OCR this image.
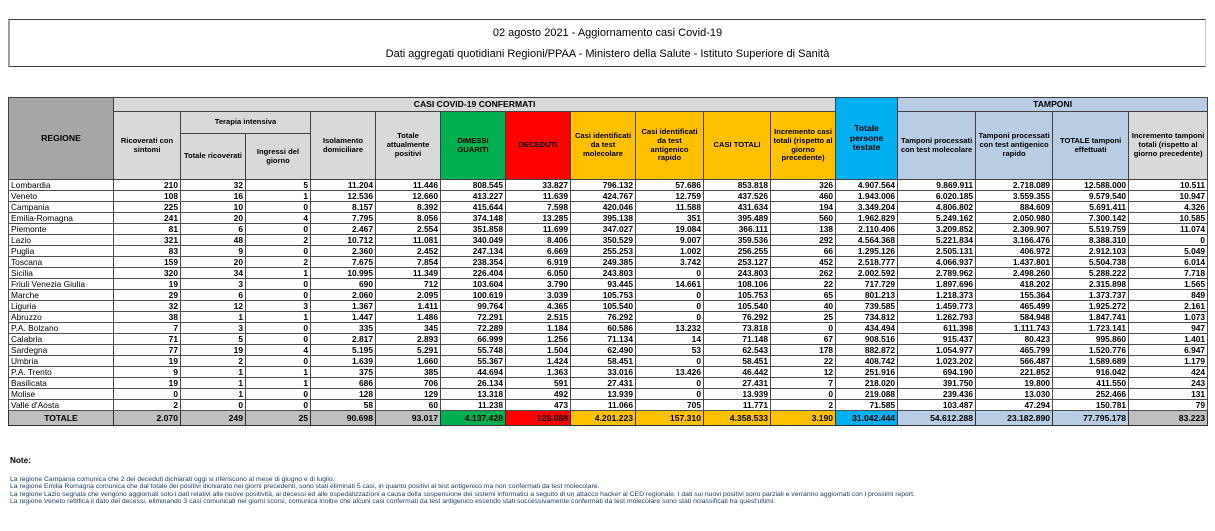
02 agosto 2021 - Aggiornamento casi Covid-19
Dati aggregati quotidiani Regioni/PPAA - Ministero della Salute - Istituto Superiore di Sanità
REGIONE	CASI COVID-19 CONFERMATI											Totale persone testate	TAMPONI			
	Ricoverati con sintomi	Terapia intensiva		Isolamento domiciliare	Totale attualmente positivi	DIMESSI GUARITI	DECEDUTI	Casi identificati da test molecolare	Casi identificati da test antigenico rapido	CASI TOTALI	Incremento casi totali (rispetto al giorno precedente)		Tamponi processati con test molecolare	Tamponi processati con test antigenico rapido	TOTALE tamponi effettuati	Incremento tamponi totali (rispetto al giorno precedente)
		Totale ricoverati	Ingressi del giorno													
Lombardia	210	32	5	11.204	11.446	808.545	33.827	796.132	57.686	853.818	326	4.907.564	9.869.911	2.718.089	12.588.000	10.511
Veneto	108	16	1	12.536	12.660	413.227	11.639	424.767	12.759	437.526	460	1.943.006	6.020.185	3.559.355	9.579.540	10.947
Campania	225	10	0	8.157	8.392	415.644	7.598	420.046	11.588	431.634	194	3.349.204	4.806.802	884.609	5.691.411	4.326
Emilia-Romagna	241	20	4	7.795	8.056	374.148	13.285	395.138	351	395.489	560	1.962.829	5.249.162	2.050.980	7.300.142	10.585
Piemonte	81	6	0	2.467	2.554	351.858	11.699	347.027	19.084	366.111	138	2.110.406	3.209.852	2.309.907	5.519.759	11.074
Lazio	321	48	2	10.712	11.081	340.049	8.406	350.529	9.007	359.536	292	4.564.368	5.221.834	3.166.476	8.388.310	0
Puglia	83	9	0	2.360	2.452	247.134	6.669	255.253	1.002	256.255	66	1.295.126	2.505.131	406.972	2.912.103	5.049
Toscana	159	20	2	7.675	7.854	238.354	6.919	249.385	3.742	253.127	452	2.518.777	4.066.937	1.437.801	5.504.738	6.014
Sicilia	320	34	1	10.995	11.349	226.404	6.050	243.803	0	243.803	262	2.002.592	2.789.962	2.498.260	5.288.222	7.718
Friuli Venezia Giulia	19	3	0	690	712	103.604	3.790	93.445	14.661	108.106	22	717.729	1.897.696	418.202	2.315.898	1.565
Marche	29	6	0	2.060	2.095	100.619	3.039	105.753	0	105.753	65	801.213	1.218.373	155.364	1.373.737	849
Liguria	32	12	3	1.367	1.411	99.764	4.365	105.540	0	105.540	40	739.585	1.459.773	465.499	1.925.272	2.161
Abruzzo	38	1	1	1.447	1.486	72.291	2.515	76.292	0	76.292	25	734.812	1.262.793	584.948	1.847.741	1.073
P.A. Bolzano	7	3	0	335	345	72.289	1.184	60.586	13.232	73.818	0	434.494	611.398	1.111.743	1.723.141	947
Calabria	71	5	0	2.817	2.893	66.999	1.256	71.134	14	71.148	67	908.516	915.437	80.423	995.860	1.401
Sardegna	77	19	4	5.195	5.291	55.748	1.504	62.490	53	62.543	178	882.872	1.054.977	465.799	1.520.776	6.947
Umbria	19	2	0	1.639	1.660	55.367	1.424	58.451	0	58.451	22	408.742	1.023.202	566.487	1.589.689	1.179
P.A. Trento	9	1	1	375	385	44.694	1.363	33.016	13.426	46.442	12	251.916	694.190	221.852	916.042	424
Basilicata	19	1	1	686	706	26.134	591	27.431	0	27.431	7	218.020	391.750	19.800	411.550	243
Molise	0	1	0	128	129	13.318	492	13.939	0	13.939	0	219.088	239.436	13.030	252.466	131
Valle d'Aosta	2	0	0	58	60	11.238	473	11.066	705	11.771	2	71.585	103.487	47.294	150.781	79
TOTALE	2.070	249	25	90.698	93.017	4.137.428	128.088	4.201.223	157.310	4.358.533	3.190	31.042.444	54.612.288	23.182.890	77.795.178	83.223
Note:
La regione Campania comunica che 2 dei deceduti dichiarati oggi si riferiscono al mese di giugno e di luglio.
La regione Emilia Romagna comunica che dal totale dei positivi dichiarato nei giorni precedenti, sono stati eliminati 5 casi, in quanto positivi al test antigenico ma non confermati da test molecolare.
La regione Lazio segnala che vengono aggiornati solo i dati relativi alle nuove positività, ai decessi ed alle ospedalizzazioni a causa della sospensione dei sistemi informatici a seguito di un attacco hacker al CED regionale. I dati sui nuovi positivi sono parziali e verranno aggiornati con i prossimi report.
La regione Veneto rettifica il dato dei decessi, eliminando 3 casi comunicati nei giorni scorsi, comunica inoltre che alcuni casi confermati da test antigenico essendo stati successivamente confermati da test molecolare sono stati riclassificati tra quest'ultimi.
